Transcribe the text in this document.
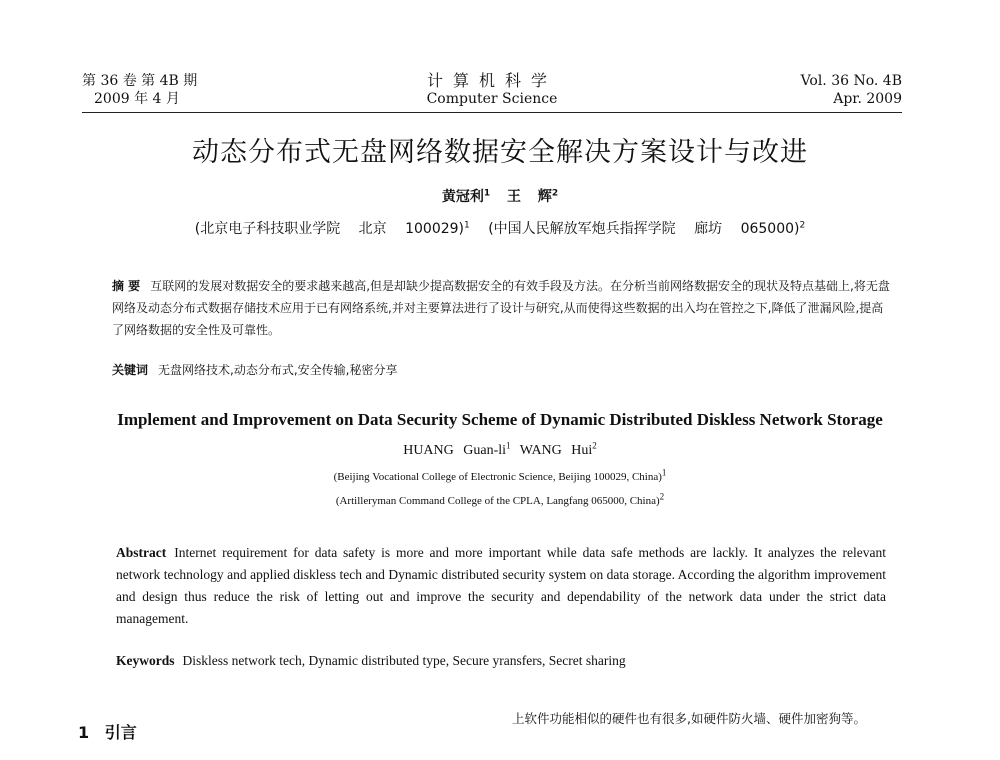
第 36 卷 第 4B 期
2009 年 4 月
计算机科学
Computer Science
Vol. 36 No. 4B
Apr. 2009
动态分布式无盘网络数据安全解决方案设计与改进
黄冠利$^1$ 王 辉$^2$
(北京电子科技职业学院 北京 100029)$^1$ (中国人民解放军炮兵指挥学院 廊坊 065000)$^2$
摘 要 互联网的发展对数据安全的要求越来越高,但是却缺少提高数据安全的有效手段及方法。在分析当前网络数据安全的现状及特点基础上,将无盘网络及动态分布式数据存储技术应用于已有网络系统,并对主要算法进行了设计与研究,从而使得这些数据的出入均在管控之下,降低了泄漏风险,提高了网络数据的安全性及可靠性。
关键词 无盘网络技术,动态分布式,安全传输,秘密分享
Implement and Improvement on Data Security Scheme of Dynamic Distributed Diskless Network Storage
HUANG Guan-$li^1$ WANG Hui$^2$
(Beijing Vocational College of Electronic Science, Beijing 100029, China)$^1$
(Artilleryman Command College of the CPLA, Langfang 065000, China)$^2$
Abstract Internet requirement for data safety is more and more important while data safe methods are lackly. It analyzes the relevant network technology and applied diskless tech and Dynamic distributed security system on data storage. According the algorithm improvement and design thus reduce the risk of letting out and improve the security and dependability of the network data under the strict data management.
Keywords Diskless network tech, Dynamic distributed type, Secure yransfers, Secret sharing
1 引言
上软件功能相似的硬件也有很多,如硬件防火墙、硬件加密狗等。
